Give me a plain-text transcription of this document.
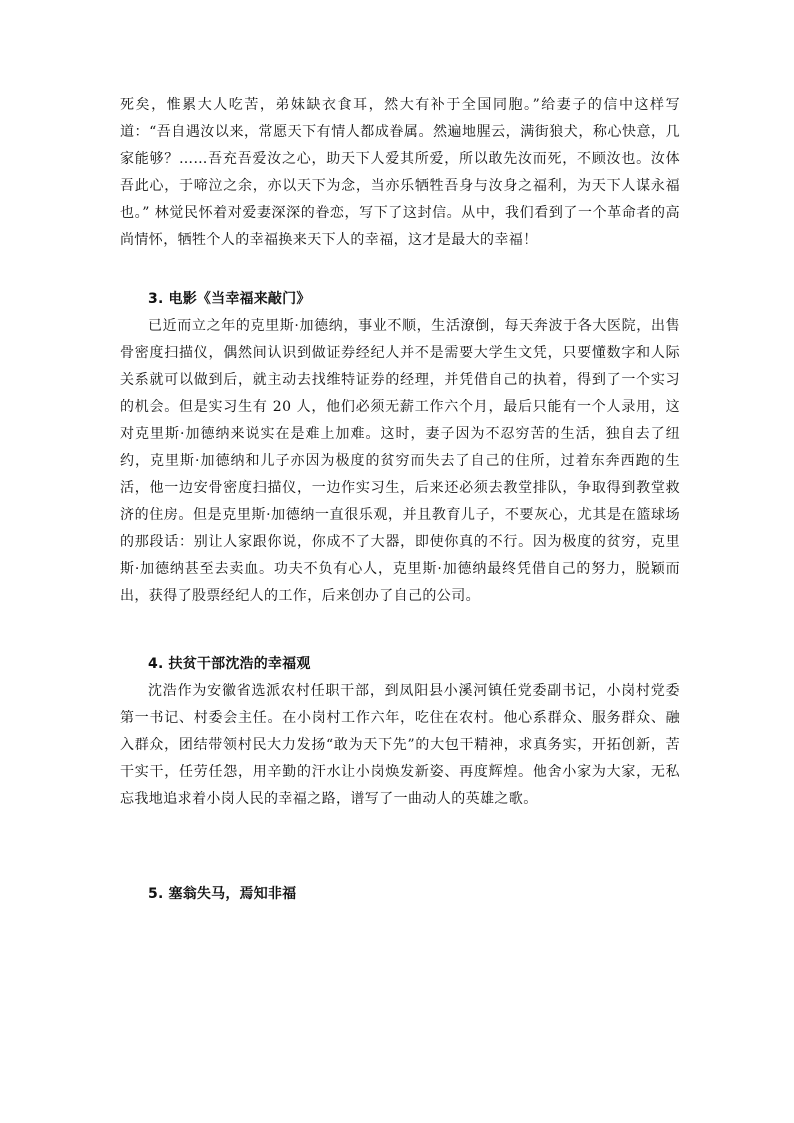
死矣，惟累大人吃苦，弟妹缺衣食耳，然大有补于全国同胞。”给妻子的信中这样写道：“吾自遇汝以来，常愿天下有情人都成眷属。然遍地腥云，满街狼犬，称心快意，几家能够？……吾充吾爱汝之心，助天下人爱其所爱，所以敢先汝而死，不顾汝也。汝体吾此心，于啼泣之余，亦以天下为念，当亦乐牺牲吾身与汝身之福利，为天下人谋永福也。” 林觉民怀着对爱妻深深的眷恋，写下了这封信。从中，我们看到了一个革命者的高尚情怀，牺牲个人的幸福换来天下人的幸福，这才是最大的幸福！
3. 电影《当幸福来敲门》
已近而立之年的克里斯·加德纳，事业不顺，生活潦倒，每天奔波于各大医院，出售骨密度扫描仪，偶然间认识到做证券经纪人并不是需要大学生文凭，只要懂数字和人际关系就可以做到后，就主动去找维特证券的经理，并凭借自己的执着，得到了一个实习的机会。但是实习生有 20 人，他们必须无薪工作六个月，最后只能有一个人录用，这对克里斯·加德纳来说实在是难上加难。这时，妻子因为不忍穷苦的生活，独自去了纽约，克里斯·加德纳和儿子亦因为极度的贫穷而失去了自己的住所，过着东奔西跑的生活，他一边安骨密度扫描仪，一边作实习生，后来还必须去教堂排队，争取得到教堂救济的住房。但是克里斯·加德纳一直很乐观，并且教育儿子，不要灰心，尤其是在篮球场的那段话：别让人家跟你说，你成不了大器，即使你真的不行。因为极度的贫穷，克里斯·加德纳甚至去卖血。功夫不负有心人，克里斯·加德纳最终凭借自己的努力，脱颖而出，获得了股票经纪人的工作，后来创办了自己的公司。
4. 扶贫干部沈浩的幸福观
沈浩作为安徽省选派农村任职干部，到凤阳县小溪河镇任党委副书记，小岗村党委第一书记、村委会主任。在小岗村工作六年，吃住在农村。他心系群众、服务群众、融入群众，团结带领村民大力发扬“敢为天下先”的大包干精神，求真务实，开拓创新，苦干实干，任劳任怨，用辛勤的汗水让小岗焕发新姿、再度辉煌。他舍小家为大家，无私忘我地追求着小岗人民的幸福之路，谱写了一曲动人的英雄之歌。
5. 塞翁失马，焉知非福
